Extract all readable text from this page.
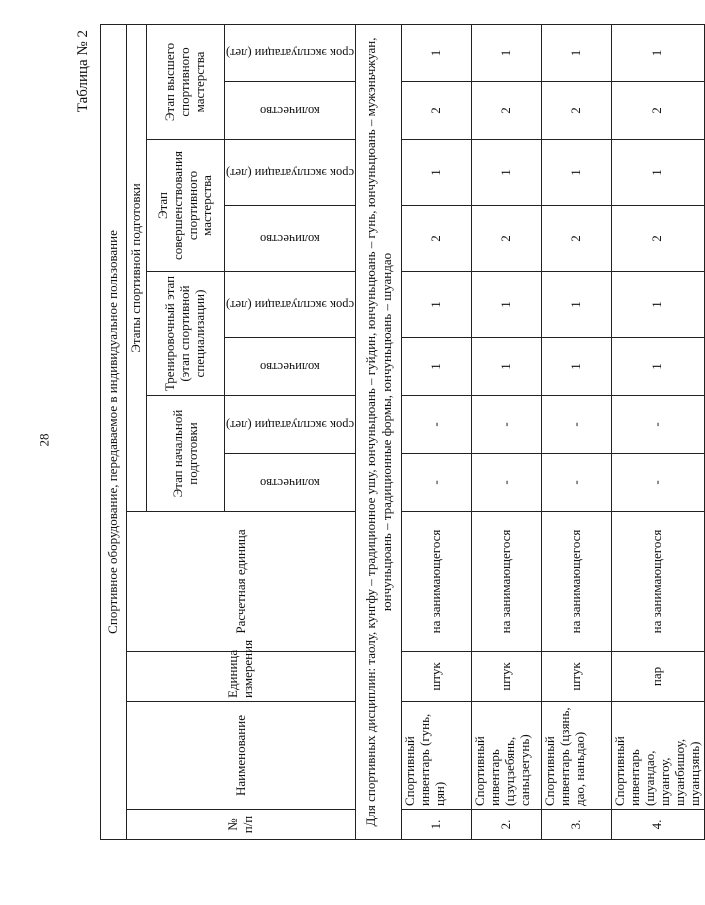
28
Таблица № 2
Спортивное оборудование, передаваемое в индивидуальное пользование											
№ п/п	Наименование	Единица измерения	Расчетная единица	Этапы спортивной подготовки							
				Этап начальной подготовки		Тренировочный этап (этап спортивной специализации)		Этап совершенствования спортивного мастерства		Этап высшего спортивного мастерства	

				количество	срок эксплуатации (лет)	количество	срок эксплуатации (лет)	количество	срок эксплуатации (лет)	количество	срок эксплуатации (лет)

Для спортивных дисциплин: таолу, кунгфу – традиционное ушу, юнчуньцюань – гуйдин, юнчуньцюань – гунь, юнчуньцюань – мужэньчжуан, юнчуньцюань – традиционные формы, юнчуньцюань – шуандао											
1.	Спортивный инвентарь (гунь, цян)	штук	на занимающегося	-	-	1	1	2	1	2	1
2.	Спортивный инвентарь (цзуцзебянь, саньцзегунь)	штук	на занимающегося	-	-	1	1	2	1	2	1
3.	Спортивный инвентарь (цзянь, дао, наньдао)	штук	на занимающегося	-	-	1	1	2	1	2	1
4.	Спортивный инвентарь (шуандао, шуангоу, шуанбишоу, шуанцзянь)	пар	на занимающегося	-	-	1	1	2	1	2	1
